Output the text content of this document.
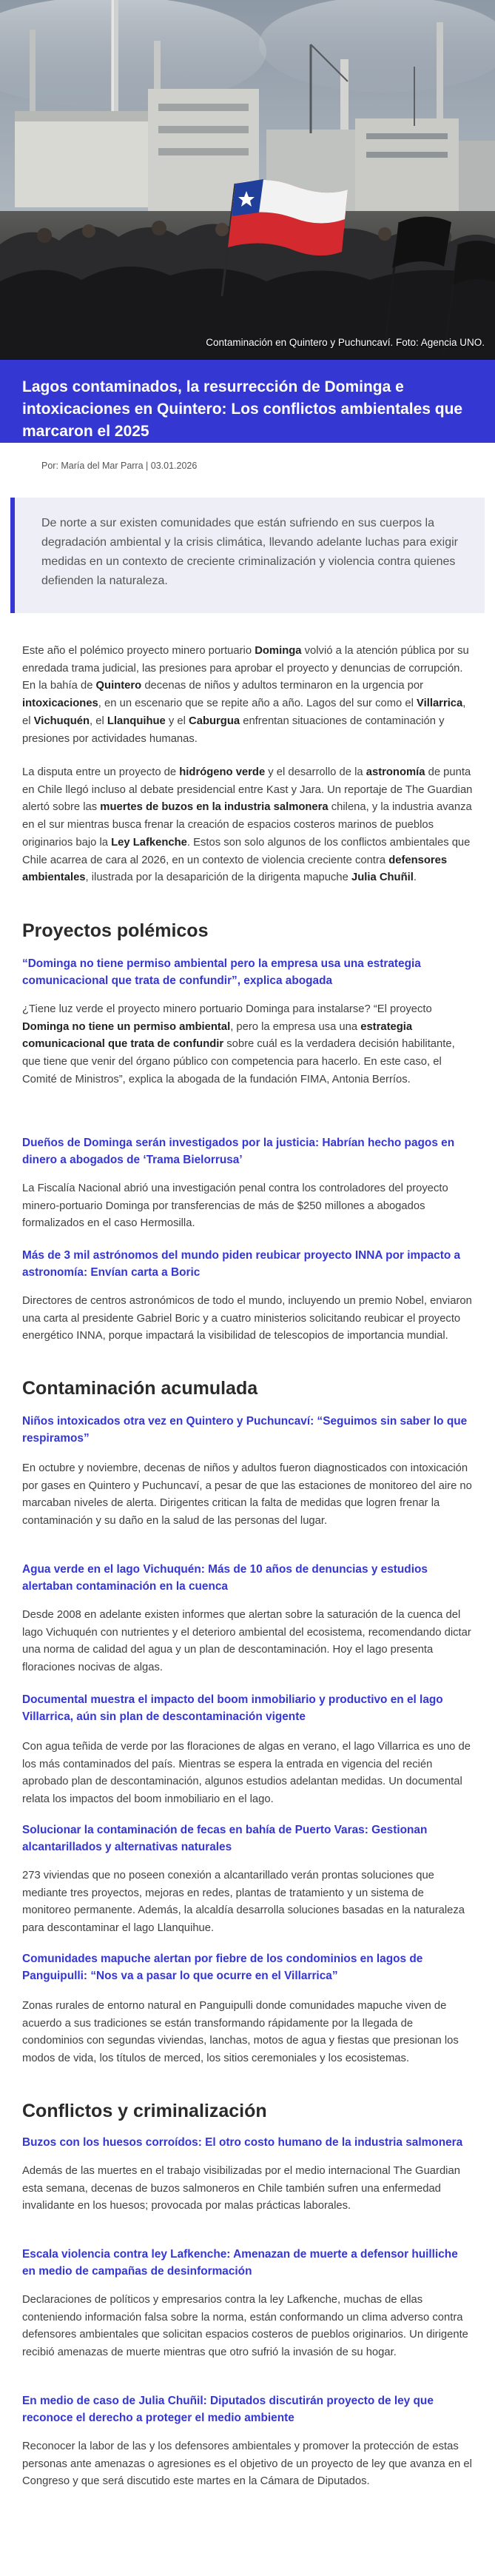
Contaminación en Quintero y Puchuncaví. Foto: Agencia UNO.
Lagos contaminados, la resurrección de Dominga e intoxicaciones en Quintero: Los conflictos ambientales que marcaron el 2025
Por: María del Mar Parra | 03.01.2026

De norte a sur existen comunidades que están sufriendo en sus cuerpos la degradación ambiental y la crisis climática, llevando adelante luchas para exigir medidas en un contexto de creciente criminalización y violencia contra quienes defienden la naturaleza.

Este año el polémico proyecto minero portuario Dominga volvió a la atención pública por su enredada trama judicial, las presiones para aprobar el proyecto y denuncias de corrupción. En la bahía de Quintero decenas de niños y adultos terminaron en la urgencia por intoxicaciones, en un escenario que se repite año a año. Lagos del sur como el Villarrica, el Vichuquén, el Llanquihue y el Caburgua enfrentan situaciones de contaminación y presiones por actividades humanas.

La disputa entre un proyecto de hidrógeno verde y el desarrollo de la astronomía de punta en Chile llegó incluso al debate presidencial entre Kast y Jara. Un reportaje de The Guardian alertó sobre las muertes de buzos en la industria salmonera chilena, y la industria avanza en el sur mientras busca frenar la creación de espacios costeros marinos de pueblos originarios bajo la Ley Lafkenche. Estos son solo algunos de los conflictos ambientales que Chile acarrea de cara al 2026, en un contexto de violencia creciente contra defensores ambientales, ilustrada por la desaparición de la dirigenta mapuche Julia Chuñil.

Proyectos polémicos
“Dominga no tiene permiso ambiental pero la empresa usa una estrategia comunicacional que trata de confundir”, explica abogada

¿Tiene luz verde el proyecto minero portuario Dominga para instalarse? “El proyecto Dominga no tiene un permiso ambiental, pero la empresa usa una estrategia comunicacional que trata de confundir sobre cuál es la verdadera decisión habilitante, que tiene que venir del órgano público con competencia para hacerlo. En este caso, el Comité de Ministros”, explica la abogada de la fundación FIMA, Antonia Berríos.

Dueños de Dominga serán investigados por la justicia: Habrían hecho pagos en dinero a abogados de ‘Trama Bielorrusa’

La Fiscalía Nacional abrió una investigación penal contra los controladores del proyecto minero-portuario Dominga por transferencias de más de $250 millones a abogados formalizados en el caso Hermosilla.

Más de 3 mil astrónomos del mundo piden reubicar proyecto INNA por impacto a astronomía: Envían carta a Boric

Directores de centros astronómicos de todo el mundo, incluyendo un premio Nobel, enviaron una carta al presidente Gabriel Boric y a cuatro ministerios solicitando reubicar el proyecto energético INNA, porque impactará la visibilidad de telescopios de importancia mundial.

Contaminación acumulada
Niños intoxicados otra vez en Quintero y Puchuncaví: “Seguimos sin saber lo que respiramos”

En octubre y noviembre, decenas de niños y adultos fueron diagnosticados con intoxicación por gases en Quintero y Puchuncaví, a pesar de que las estaciones de monitoreo del aire no marcaban niveles de alerta. Dirigentes critican la falta de medidas que logren frenar la contaminación y su daño en la salud de las personas del lugar.

Agua verde en el lago Vichuquén: Más de 10 años de denuncias y estudios alertaban contaminación en la cuenca

Desde 2008 en adelante existen informes que alertan sobre la saturación de la cuenca del lago Vichuquén con nutrientes y el deterioro ambiental del ecosistema, recomendando dictar una norma de calidad del agua y un plan de descontaminación. Hoy el lago presenta floraciones nocivas de algas.

Documental muestra el impacto del boom inmobiliario y productivo en el lago Villarrica, aún sin plan de descontaminación vigente

Con agua teñida de verde por las floraciones de algas en verano, el lago Villarrica es uno de los más contaminados del país. Mientras se espera la entrada en vigencia del recién aprobado plan de descontaminación, algunos estudios adelantan medidas. Un documental relata los impactos del boom inmobiliario en el lago.

Solucionar la contaminación de fecas en bahía de Puerto Varas: Gestionan alcantarillados y alternativas naturales

273 viviendas que no poseen conexión a alcantarillado verán prontas soluciones que mediante tres proyectos, mejoras en redes, plantas de tratamiento y un sistema de monitoreo permanente. Además, la alcaldía desarrolla soluciones basadas en la naturaleza para descontaminar el lago Llanquihue.

Comunidades mapuche alertan por fiebre de los condominios en lagos de Panguipulli: “Nos va a pasar lo que ocurre en el Villarrica”

Zonas rurales de entorno natural en Panguipulli donde comunidades mapuche viven de acuerdo a sus tradiciones se están transformando rápidamente por la llegada de condominios con segundas viviendas, lanchas, motos de agua y fiestas que presionan los modos de vida, los títulos de merced, los sitios ceremoniales y los ecosistemas.

Conflictos y criminalización
Buzos con los huesos corroídos: El otro costo humano de la industria salmonera

Además de las muertes en el trabajo visibilizadas por el medio internacional The Guardian esta semana, decenas de buzos salmoneros en Chile también sufren una enfermedad invalidante en los huesos; provocada por malas prácticas laborales.

Escala violencia contra ley Lafkenche: Amenazan de muerte a defensor huilliche en medio de campañas de desinformación

Declaraciones de políticos y empresarios contra la ley Lafkenche, muchas de ellas conteniendo información falsa sobre la norma, están conformando un clima adverso contra defensores ambientales que solicitan espacios costeros de pueblos originarios. Un dirigente recibió amenazas de muerte mientras que otro sufrió la invasión de su hogar.

En medio de caso de Julia Chuñil: Diputados discutirán proyecto de ley que reconoce el derecho a proteger el medio ambiente

Reconocer la labor de las y los defensores ambientales y promover la protección de estas personas ante amenazas o agresiones es el objetivo de un proyecto de ley que avanza en el Congreso y que será discutido este martes en la Cámara de Diputados.
